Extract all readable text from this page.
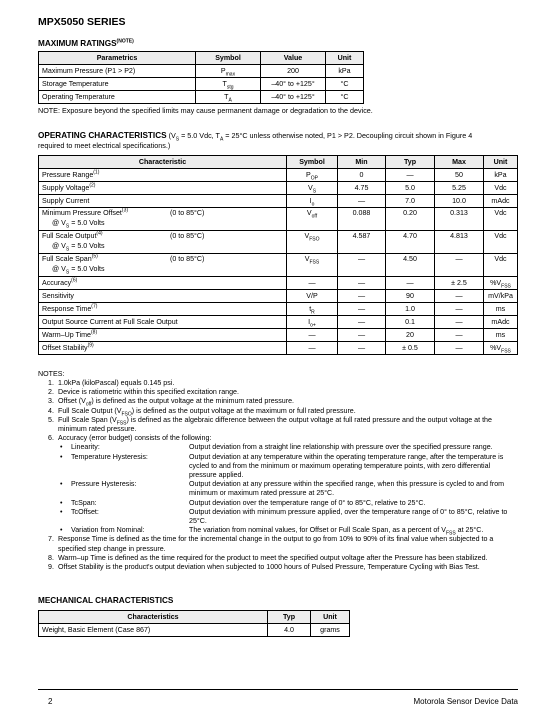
MPX5050 SERIES
MAXIMUM $RATINGS^{(NOTE)}$
Parametrics	Symbol	Value	Unit
Maximum Pressure (P1 > P2)	$P_{max}$	200	kPa
Storage Temperature	$T_{stg}$	–40° to +125°	°C
Operating Temperature	$T_A$	–40° to +125°	°C
NOTE: Exposure beyond the specified limits may cause permanent damage or degradation to the device.
OPERATING CHARACTERISTICS ($V_S = 5.0$ Vdc, $T_A = 25^\circ C$ unless otherwise noted, P1 > P2. Decoupling circuit shown in Figure 4
required to meet electrical specifications.)
Characteristic	Symbol	Min	Typ	Max	Unit

Pressure Range$^{(1)}$	$P_{OP}$	0	—	50	kPa

Supply Voltage$^{(2)}$	$V_S$	4.75	5.0	5.25	Vdc

Supply Current	$I_o$	—	7.0	10.0	mAdc

Minimum Pressure Offset$^{(3)}$ (0 to 85°C)
@ $V_S = 5.0$ Volts	$V_{off}$	0.088	0.20	0.313	Vdc

Full Scale Output$^{(4)}$ (0 to 85°C)
@ $V_S = 5.0$ Volts	$V_{FSO}$	4.587	4.70	4.813	Vdc

Full Scale Span$^{(5)}$ (0 to 85°C)
@ $V_S = 5.0$ Volts	$V_{FSS}$	—	4.50	—	Vdc

Accuracy$^{(6)}$	—	—	—	± 2.5	$\%V_{FSS}$

Sensitivity	V/P	—	90	—	mV/kPa

Response Time$^{(7)}$	$t_R$	—	1.0	—	ms

Output Source Current at Full Scale Output	$I_{o+}$	—	0.1	—	mAdc

Warm–Up Time$^{(8)}$	—	—	20	—	ms

Offset Stability$^{(9)}$	—	—	± 0.5	—	$\%V_{FSS}$
NOTES:
1. 1.0kPa (kiloPascal) equals 0.145 psi.
2. Device is ratiometric within this specified excitation range.
3. Offset $(V_{off})$ is defined as the output voltage at the minimum rated pressure.
4. Full Scale Output $(V_{FSO})$ is defined as the output voltage at the maximum or full rated pressure.
5. Full Scale Span $(V_{FSS})$ is defined as the algebraic difference between the output voltage at full rated pressure and the output voltage at the minimum rated pressure.
6. Accuracy (error budget) consists of the following:
• Linearity:	Output deviation from a straight line relationship with pressure over the specified pressure range.
• Temperature Hysteresis:	Output deviation at any temperature within the operating temperature range, after the temperature is cycled to and from the minimum or maximum operating temperature points, with zero differential pressure applied.
• Pressure Hysteresis:	Output deviation at any pressure within the specified range, when this pressure is cycled to and from minimum or maximum rated pressure at 25°C.
• TcSpan:	Output deviation over the temperature range of 0° to 85°C, relative to 25°C.
• TcOffset:	Output deviation with minimum pressure applied, over the temperature range of 0° to 85°C, relative to 25°C.
• Variation from Nominal:	The variation from nominal values, for Offset or Full Scale Span, as a percent of $V_{FSS}$ at 25°C.
7. Response Time is defined as the time for the incremental change in the output to go from 10% to 90% of its final value when subjected to a specified step change in pressure.
8. Warm–up Time is defined as the time required for the product to meet the specified output voltage after the Pressure has been stabilized.
9. Offset Stability is the product's output deviation when subjected to 1000 hours of Pulsed Pressure, Temperature Cycling with Bias Test.
MECHANICAL CHARACTERISTICS
Characteristics	Typ	Unit
Weight, Basic Element (Case 867)	4.0	grams
2	Motorola Sensor Device Data
